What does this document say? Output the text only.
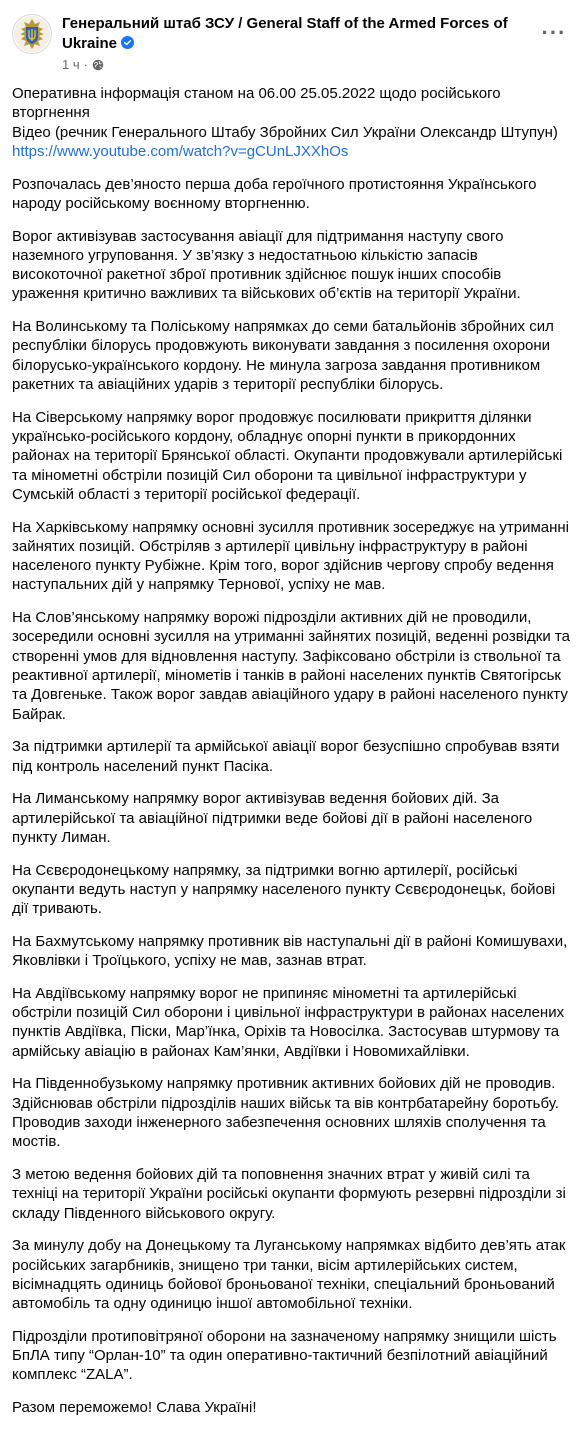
Генеральний штаб ЗСУ / General Staff of the Armed Forces of Ukraine
1 ч ·
···

Оперативна інформація станом на 06.00 25.05.2022 щодо російського вторгнення
Відео (речник Генерального Штабу Збройних Сил України Олександр Штупун)
https://www.youtube.com/watch?v=gCUnLJXXhOs

Розпочалась дев’яносто перша доба героїчного протистояння Українського народу російському воєнному вторгненню.

Ворог активізував застосування авіації для підтримання наступу свого наземного угруповання. У зв’язку з недостатньою кількістю запасів високоточної ракетної зброї противник здійснює пошук інших способів ураження критично важливих та військових об’єктів на території України.

На Волинському та Поліському напрямках до семи батальйонів збройних сил республіки білорусь продовжують виконувати завдання з посилення охорони білорусько-українського кордону. Не минула загроза завдання противником ракетних та авіаційних ударів з території республіки білорусь.

На Сіверському напрямку ворог продовжує посилювати прикриття ділянки українсько-російського кордону, обладнує опорні пункти в прикордонних районах на території Брянської області. Окупанти продовжували артилерійські та мінометні обстріли позицій Сил оборони та цивільної інфраструктури у Сумській області з території російської федерації.

На Харківському напрямку основні зусилля противник зосереджує на утриманні зайнятих позицій. Обстріляв з артилерії цивільну інфраструктуру в районі населеного пункту Рубіжне. Крім того, ворог здійснив чергову спробу ведення наступальних дій у напрямку Тернової, успіху не мав.

На Слов’янському напрямку ворожі підрозділи активних дій не проводили, зосередили основні зусилля на утриманні зайнятих позицій, веденні розвідки та створенні умов для відновлення наступу. Зафіксовано обстріли із ствольної та реактивної артилерії, мінометів і танків в районі населених пунктів Святогірськ та Довгеньке. Також ворог завдав авіаційного удару в районі населеного пункту Байрак.

За підтримки артилерії та армійської авіації ворог безуспішно спробував взяти під контроль населений пункт Пасіка.

На Лиманському напрямку ворог активізував ведення бойових дій. За артилерійської та авіаційної підтримки веде бойові дії в районі населеного пункту Лиман.

На Сєвєродонецькому напрямку, за підтримки вогню артилерії, російські окупанти ведуть наступ у напрямку населеного пункту Сєвєродонецьк, бойові дії тривають.

На Бахмутському напрямку противник вів наступальні дії в районі Комишувахи, Яковлівки і Троїцького, успіху не мав, зазнав втрат.

На Авдіївському напрямку ворог не припиняє мінометні та артилерійські обстріли позицій Сил оборони і цивільної інфраструктури в районах населених пунктів Авдіївка, Піски, Мар’їнка, Оріхів та Новосілка. Застосував штурмову та армійську авіацію в районах Кам’янки, Авдіївки і Новомихайлівки.

На Південнобузькому напрямку противник активних бойових дій не проводив. Здійснював обстріли підрозділів наших військ та вів контрбатарейну боротьбу. Проводив заходи інженерного забезпечення основних шляхів сполучення та мостів.

З метою ведення бойових дій та поповнення значних втрат у живій силі та техніці на території України російські окупанти формують резервні підрозділи зі складу Південного військового округу.

За минулу добу на Донецькому та Луганському напрямках відбито дев’ять атак російських загарбників, знищено три танки, вісім артилерійських систем, вісімнадцять одиниць бойової броньованої техніки, спеціальний броньований автомобіль та одну одиницю іншої автомобільної техніки.

Підрозділи протиповітряної оборони на зазначеному напрямку знищили шість БпЛА типу “Орлан-10” та один оперативно-тактичний безпілотний авіаційний комплекс “ZALA”.

Разом переможемо! Слава Україні!
